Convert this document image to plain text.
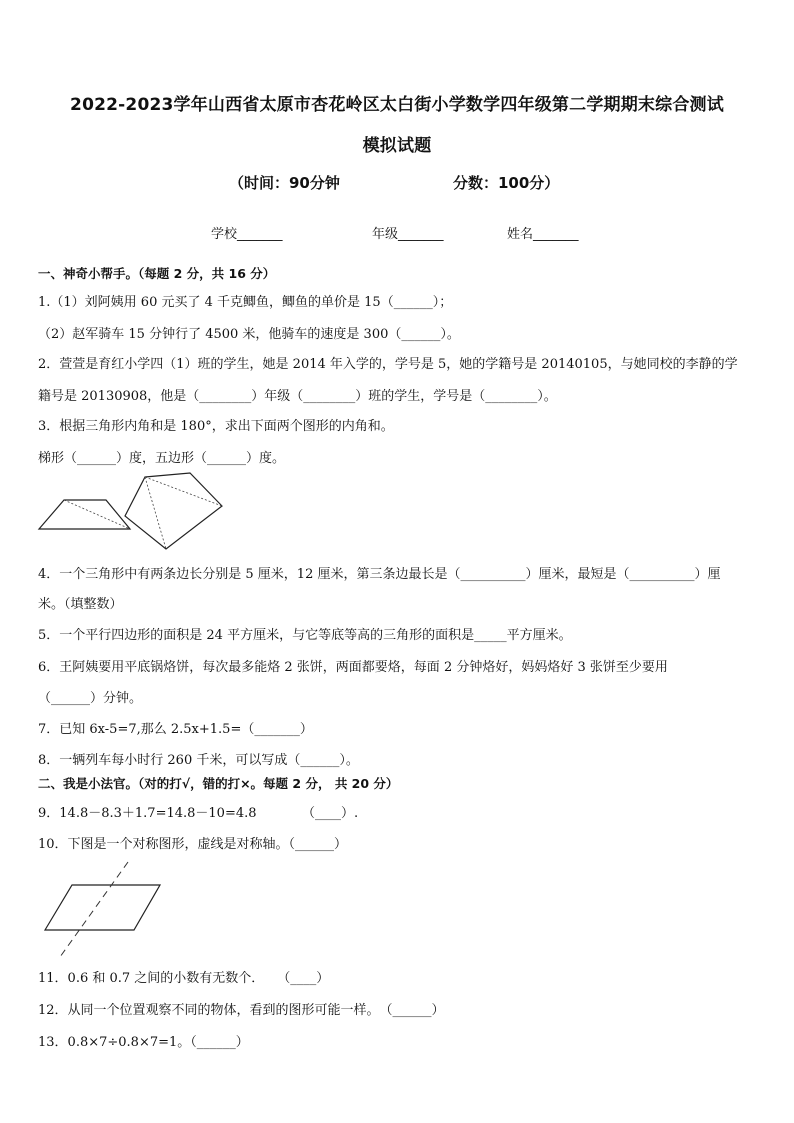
2022-2023学年山西省太原市杏花岭区太白街小学数学四年级第二学期期末综合测试
模拟试题
（时间：90分钟	分数：100分）
学校_______	年级_______	姓名_______
一、神奇小帮手。（每题 2 分，共 16 分）
1.（1）刘阿姨用 60 元买了 4 千克鲫鱼，鲫鱼的单价是 15（______）；
（2）赵军骑车 15 分钟行了 4500 米，他骑车的速度是 300（______）。
2．萱萱是育红小学四（1）班的学生，她是 2014 年入学的，学号是 5，她的学籍号是 20140105，与她同校的李静的学
籍号是 20130908，他是（________）年级（________）班的学生，学号是（________）。
3．根据三角形内角和是 180°，求出下面两个图形的内角和。
梯形（______）度，五边形（______）度。
4．一个三角形中有两条边长分别是 5 厘米，12 厘米，第三条边最长是（__________）厘米，最短是（__________）厘
米。（填整数）
5．一个平行四边形的面积是 24 平方厘米，与它等底等高的三角形的面积是_____平方厘米。
6．王阿姨要用平底锅烙饼，每次最多能烙 2 张饼，两面都要烙，每面 2 分钟烙好，妈妈烙好 3 张饼至少要用
（______）分钟。
7．已知 6x-5=7,那么 2.5x+1.5=（_______）
8．一辆列车每小时行 260 千米，可以写成（______）。
二、我是小法官。（对的打√，错的打×。每题 2 分， 共 20 分）
9．14.8－8.3＋1.7=14.8－10=4.8　　　　（____）.
10．下图是一个对称图形，虚线是对称轴。（______）
11．0.6 和 0.7 之间的小数有无数个．　　（____）
12．从同一个位置观察不同的物体，看到的图形可能一样。　（______）
13．0.8×7÷0.8×7=1。（______）
